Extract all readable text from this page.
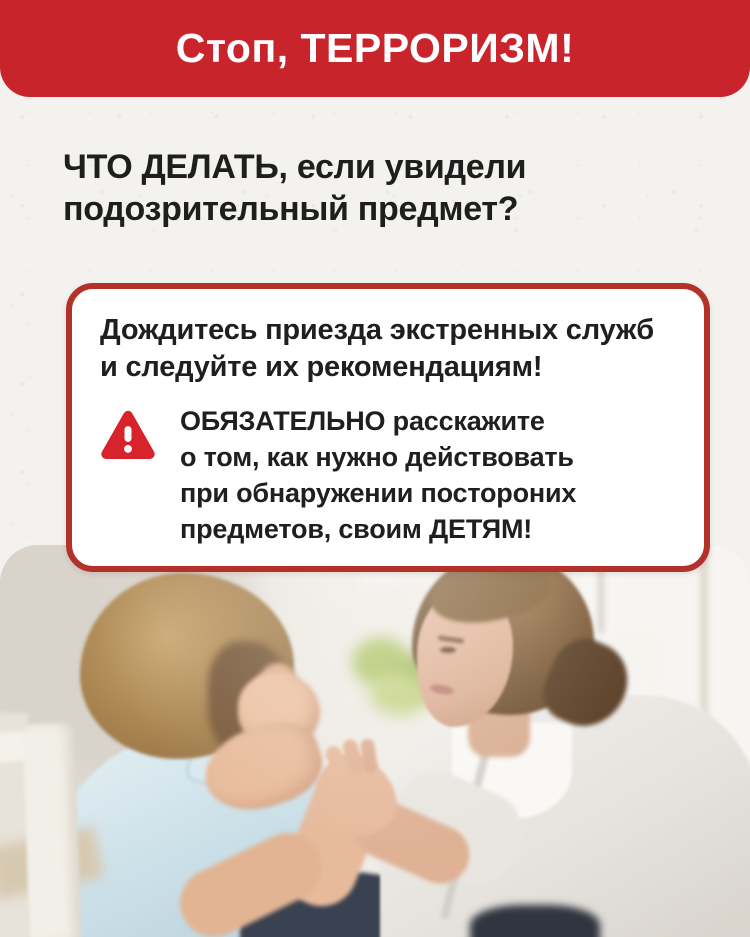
Стоп, ТЕРРОРИЗМ!
ЧТО ДЕЛАТЬ, если увидели
подозрительный предмет?
Дождитесь приезда экстренных служб
и следуйте их рекомендациям!
ОБЯЗАТЕЛЬНО расскажите
о том, как нужно действовать
при обнаружении постороних
предметов, своим ДЕТЯМ!
